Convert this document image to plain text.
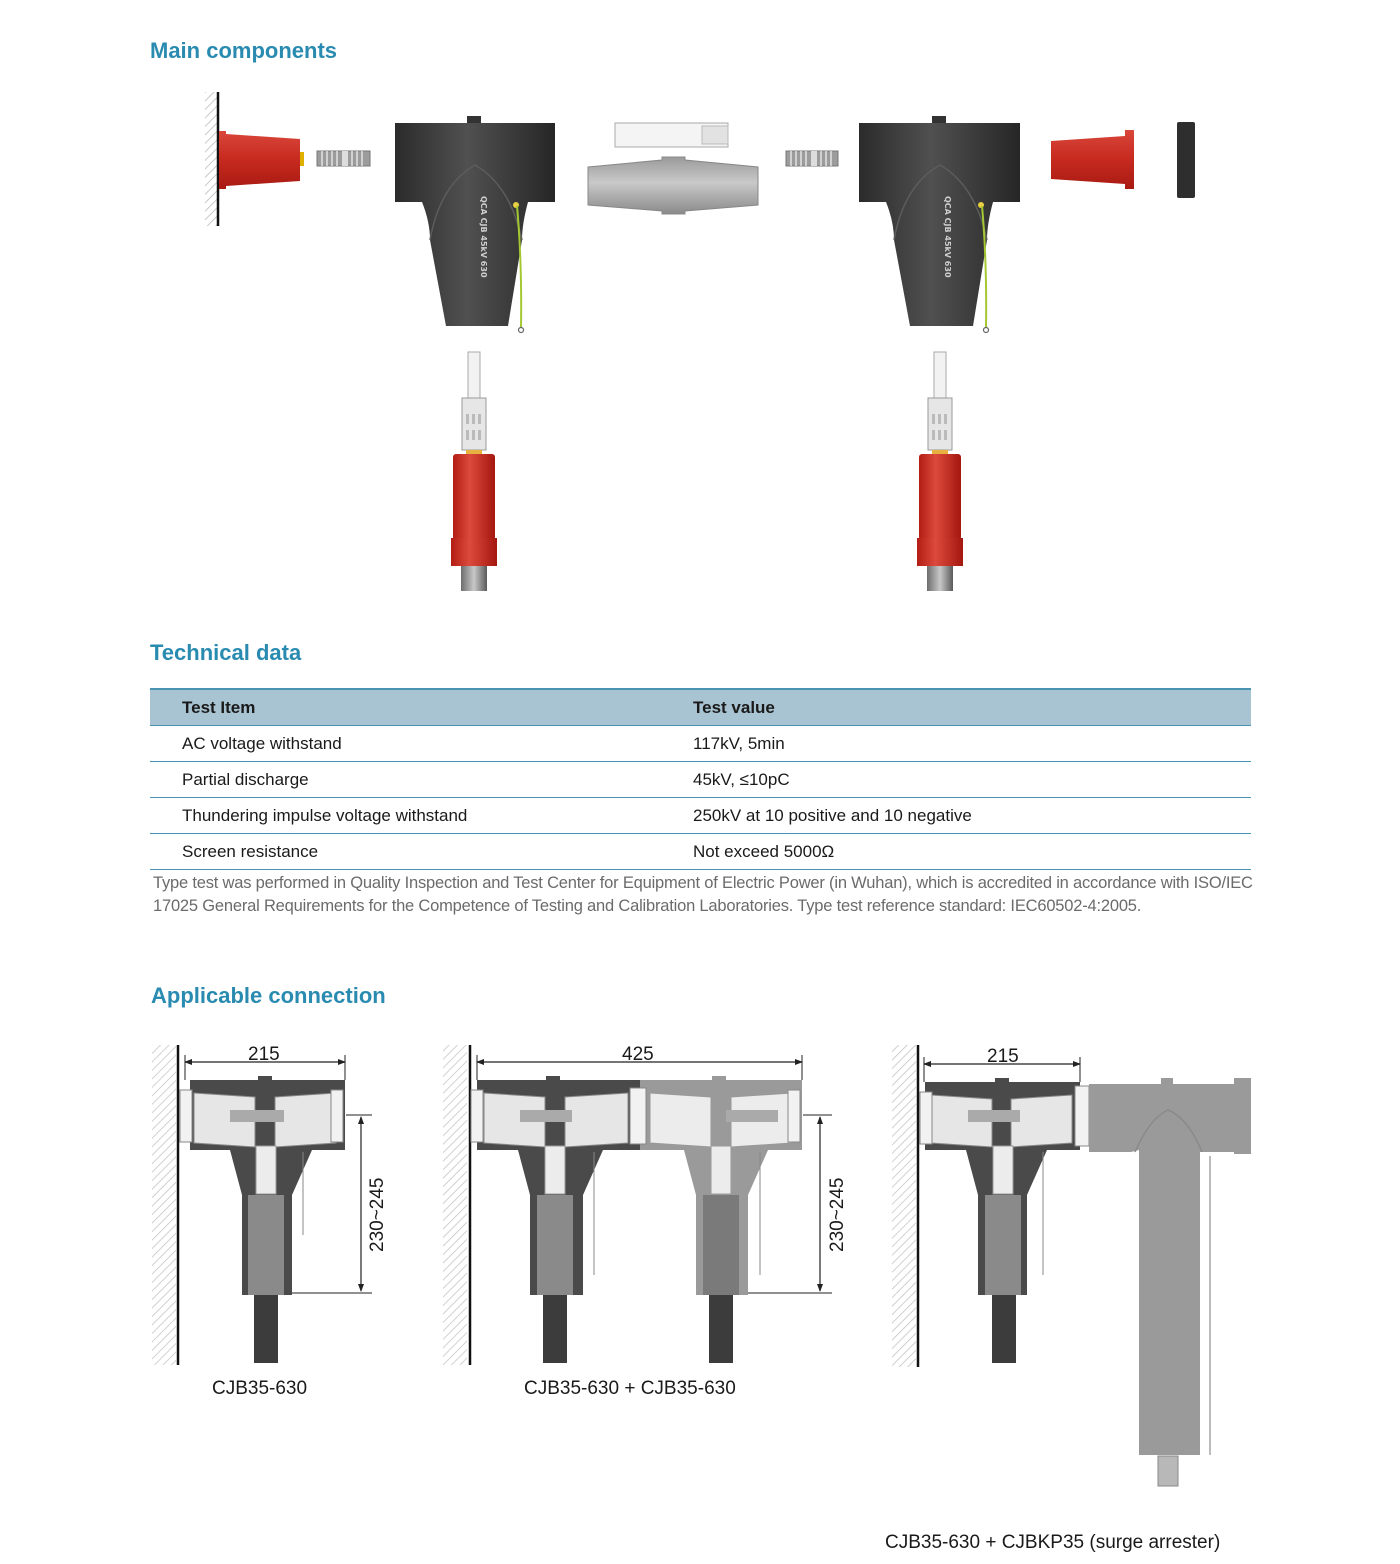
Main components
Technical data
Applicable connection
QCA CJB 45kV 630	QCA CJB 45kV 630
Test Item	Test value
AC voltage withstand	117kV, 5min
Partial discharge	45kV, ≤10pC
Thundering impulse voltage withstand	250kV at 10 positive and 10 negative
Screen resistance	Not exceed 5000Ω

Type test was performed in Quality Inspection and Test Center for Equipment of Electric Power (in Wuhan), which is accredited in accordance with ISO/IEC 17025 General Requirements for the Competence of Testing and Calibration Laboratories. Type test reference standard: IEC60502-4:2005.

215
230~245
425
230~245
215
CJB35-630	CJB35-630 + CJB35-630
CJB35-630 + CJBKP35 (surge arrester)
